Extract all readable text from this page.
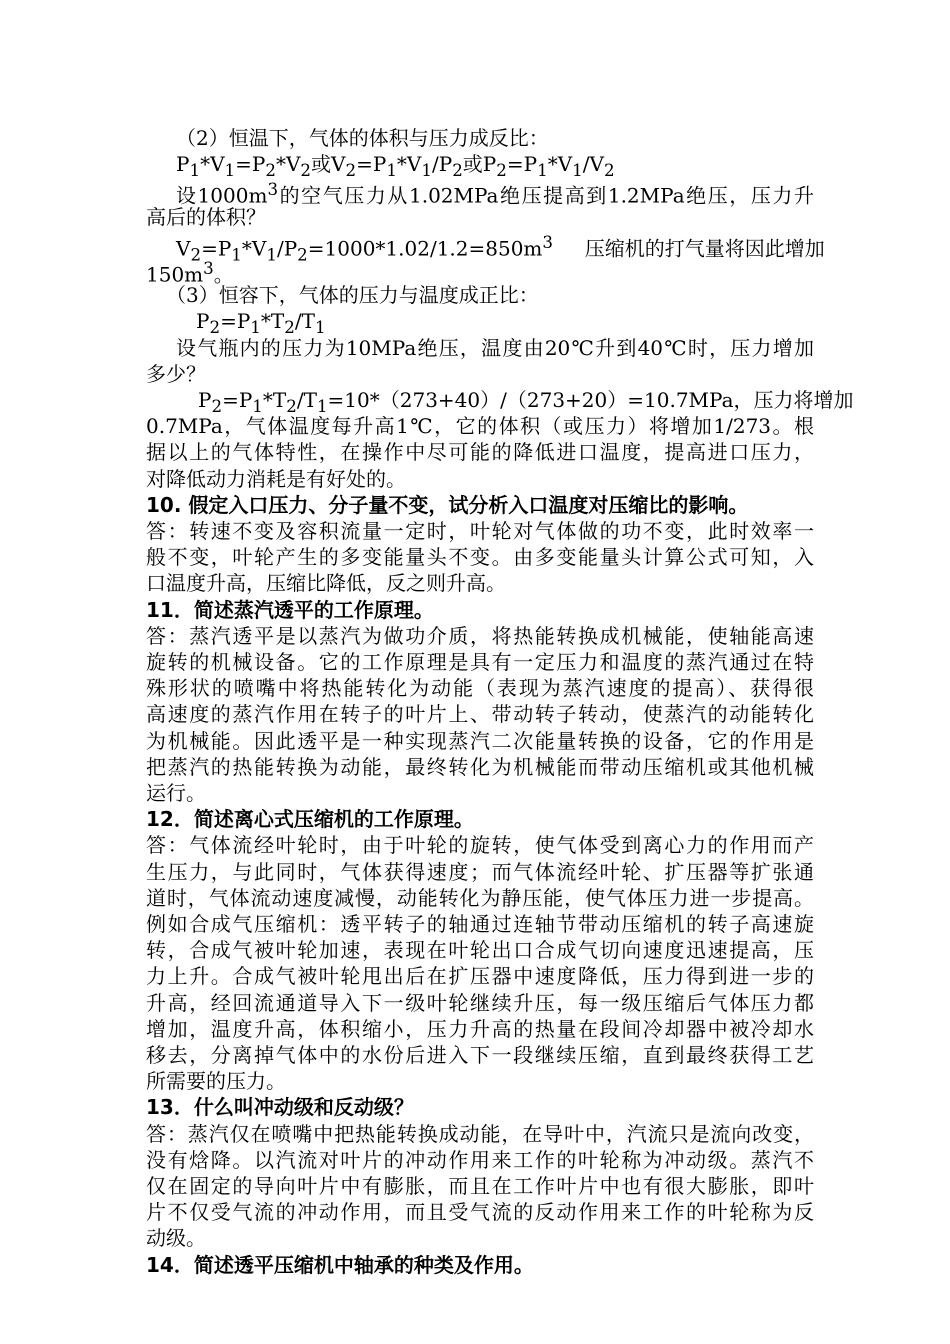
（2）恒温下，气体的体积与压力成反比：
$P_1*V_1=P_2*V_2$或$V_2=P_1*V_1/P_2$或$P_2=P_1*V_1/V_2$
设$1000m^3$的空气压力从1.02MPa绝压提高到1.2MPa绝压，压力升
高后的体积？
$V_2=P_1*V_1/P_2=1000*1.02/1.2=850m^3$     压缩机的打气量将因此增加
$150m^3$。
（3）恒容下，气体的压力与温度成正比：
$P_2=P_1*T_2/T_1$
设气瓶内的压力为10MPa绝压，温度由20℃升到40℃时，压力增加
多少？
$P_2=P_1*T_2/T_1=10*(273+40)/(273+20)=10.7MPa$，压力将增加
0.7MPa，气体温度每升高1℃，它的体积（或压力）将增加1/273。根
据以上的气体特性，在操作中尽可能的降低进口温度，提高进口压力，
对降低动力消耗是有好处的。
10. 假定入口压力、分子量不变，试分析入口温度对压缩比的影响。
答：转速不变及容积流量一定时，叶轮对气体做的功不变，此时效率一
般不变，叶轮产生的多变能量头不变。由多变能量头计算公式可知，入
口温度升高，压缩比降低，反之则升高。
11．简述蒸汽透平的工作原理。
答：蒸汽透平是以蒸汽为做功介质，将热能转换成机械能，使轴能高速
旋转的机械设备。它的工作原理是具有一定压力和温度的蒸汽通过在特
殊形状的喷嘴中将热能转化为动能（表现为蒸汽速度的提高）、获得很
高速度的蒸汽作用在转子的叶片上、带动转子转动，使蒸汽的动能转化
为机械能。因此透平是一种实现蒸汽二次能量转换的设备，它的作用是
把蒸汽的热能转换为动能，最终转化为机械能而带动压缩机或其他机械
运行。
12．简述离心式压缩机的工作原理。
答：气体流经叶轮时，由于叶轮的旋转，使气体受到离心力的作用而产
生压力，与此同时，气体获得速度；而气体流经叶轮、扩压器等扩张通
道时，气体流动速度减慢，动能转化为静压能，使气体压力进一步提高。
例如合成气压缩机：透平转子的轴通过连轴节带动压缩机的转子高速旋
转，合成气被叶轮加速，表现在叶轮出口合成气切向速度迅速提高，压
力上升。合成气被叶轮甩出后在扩压器中速度降低，压力得到进一步的
升高，经回流通道导入下一级叶轮继续升压，每一级压缩后气体压力都
增加，温度升高，体积缩小，压力升高的热量在段间冷却器中被冷却水
移去，分离掉气体中的水份后进入下一段继续压缩，直到最终获得工艺
所需要的压力。
13．什么叫冲动级和反动级？
答：蒸汽仅在喷嘴中把热能转换成动能，在导叶中，汽流只是流向改变，
没有焓降。以汽流对叶片的冲动作用来工作的叶轮称为冲动级。蒸汽不
仅在固定的导向叶片中有膨胀，而且在工作叶片中也有很大膨胀，即叶
片不仅受气流的冲动作用，而且受气流的反动作用来工作的叶轮称为反
动级。
14．简述透平压缩机中轴承的种类及作用。
